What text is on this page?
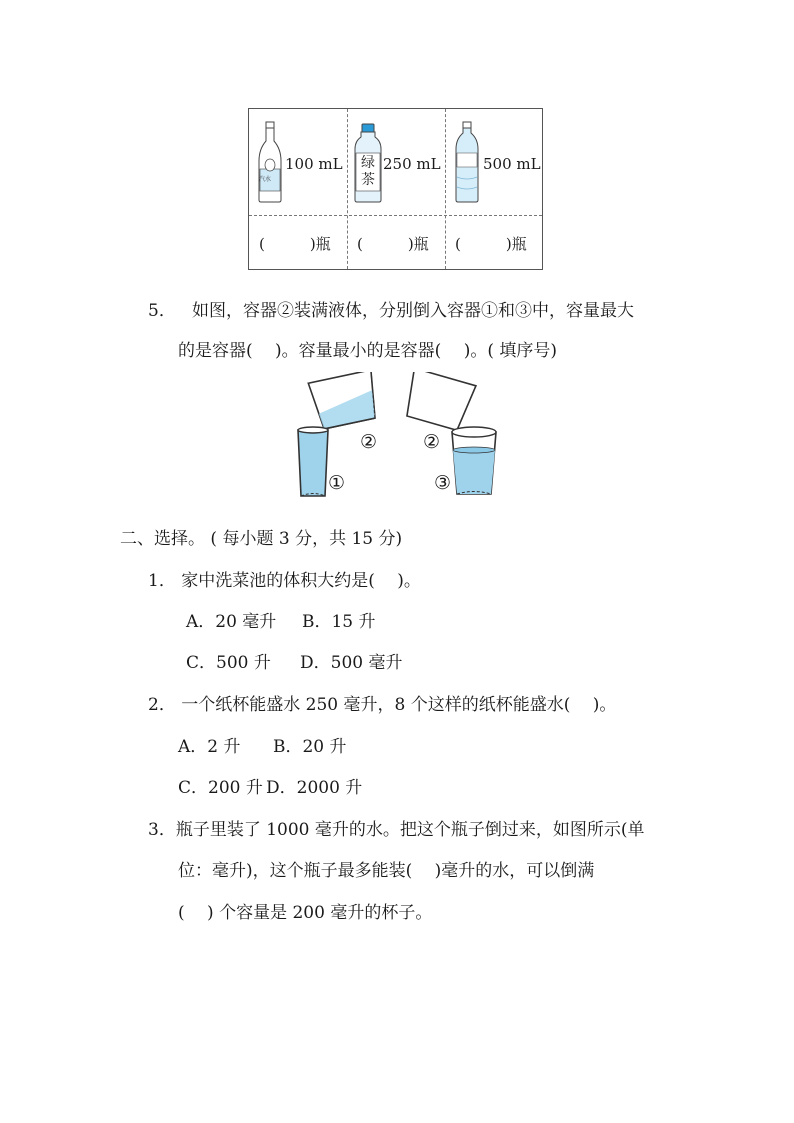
汽水
100 mL 绿茶
250 mL	500 mL
(　　　)瓶 (　　　)瓶 (　　　)瓶
5． 如图，容器②装满液体，分别倒入容器①和③中，容量最大
的是容器(　 )。容量最小的是容器(　 )。( 填序号)
②
①
②
③
二、选择。 ( 每小题 3 分，共 15 分)
1． 家中洗菜池的体积大约是(　 )。
A．20 毫升 B．15 升
C．500 升 D．500 毫升
2． 一个纸杯能盛水 250 毫升，8 个这样的纸杯能盛水(　 )。
A．2 升 B．20 升
C．200 升 D．2000 升
3．瓶子里装了 1000 毫升的水。把这个瓶子倒过来，如图所示(单
位：毫升)，这个瓶子最多能装(　 )毫升的水，可以倒满
(　 ) 个容量是 200 毫升的杯子。
